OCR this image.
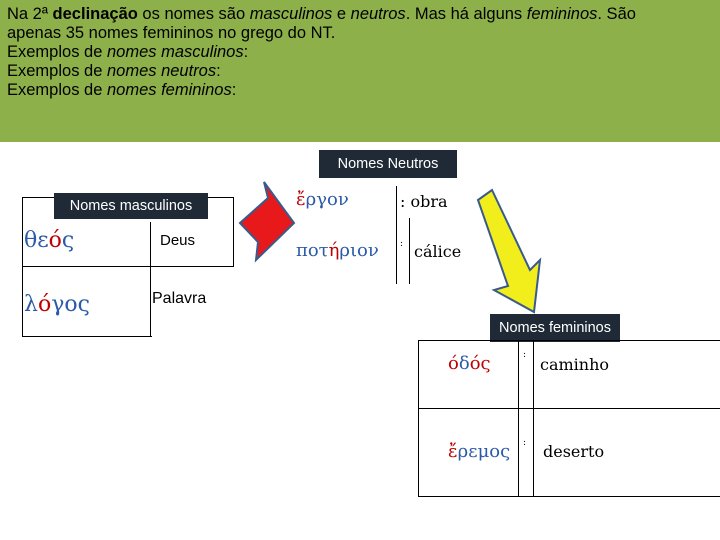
Na 2ª declinação os nomes são masculinos e neutros. Mas há alguns femininos. São

apenas 35 nomes femininos no grego do NT.

Exemplos de nomes masculinos:

Exemplos de nomes neutros:

Exemplos de nomes femininos:

Nomes masculinos
θεός	Deus
λόγος	Palavra
Nomes Neutros
ἔργον	: obra
ποτήριον : cálice
Nomes femininos
όδός	: caminho
ἔρεμος : deserto
